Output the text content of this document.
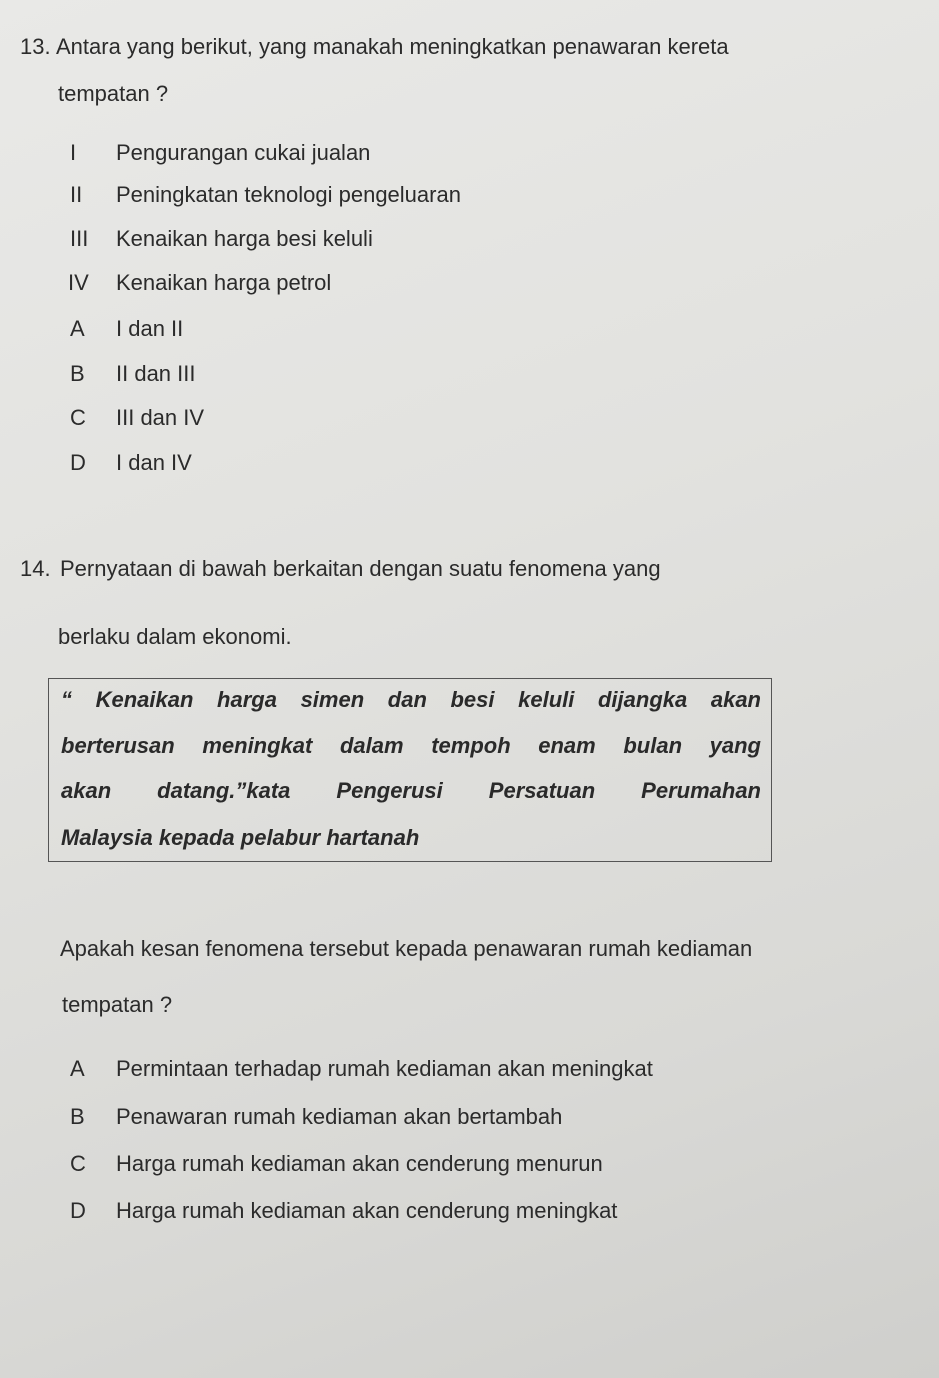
13. Antara yang berikut, yang manakah meningkatkan penawaran kereta
tempatan ?
I Pengurangan cukai jualan
II Peningkatan teknologi pengeluaran
III Kenaikan harga besi keluli
IV Kenaikan harga petrol
A I dan II
B II dan III
C III dan IV
D I dan IV
14. Pernyataan di bawah berkaitan dengan suatu fenomena yang
berlaku dalam ekonomi.
“ Kenaikan harga simen dan besi keluli dijangka akan
berterusan meningkat dalam tempoh enam bulan yang
akan datang.”kata Pengerusi Persatuan Perumahan
Malaysia kepada pelabur hartanah
Apakah kesan fenomena tersebut kepada penawaran rumah kediaman
tempatan ?
A Permintaan terhadap rumah kediaman akan meningkat
B Penawaran rumah kediaman akan bertambah
C Harga rumah kediaman akan cenderung menurun
D Harga rumah kediaman akan cenderung meningkat
